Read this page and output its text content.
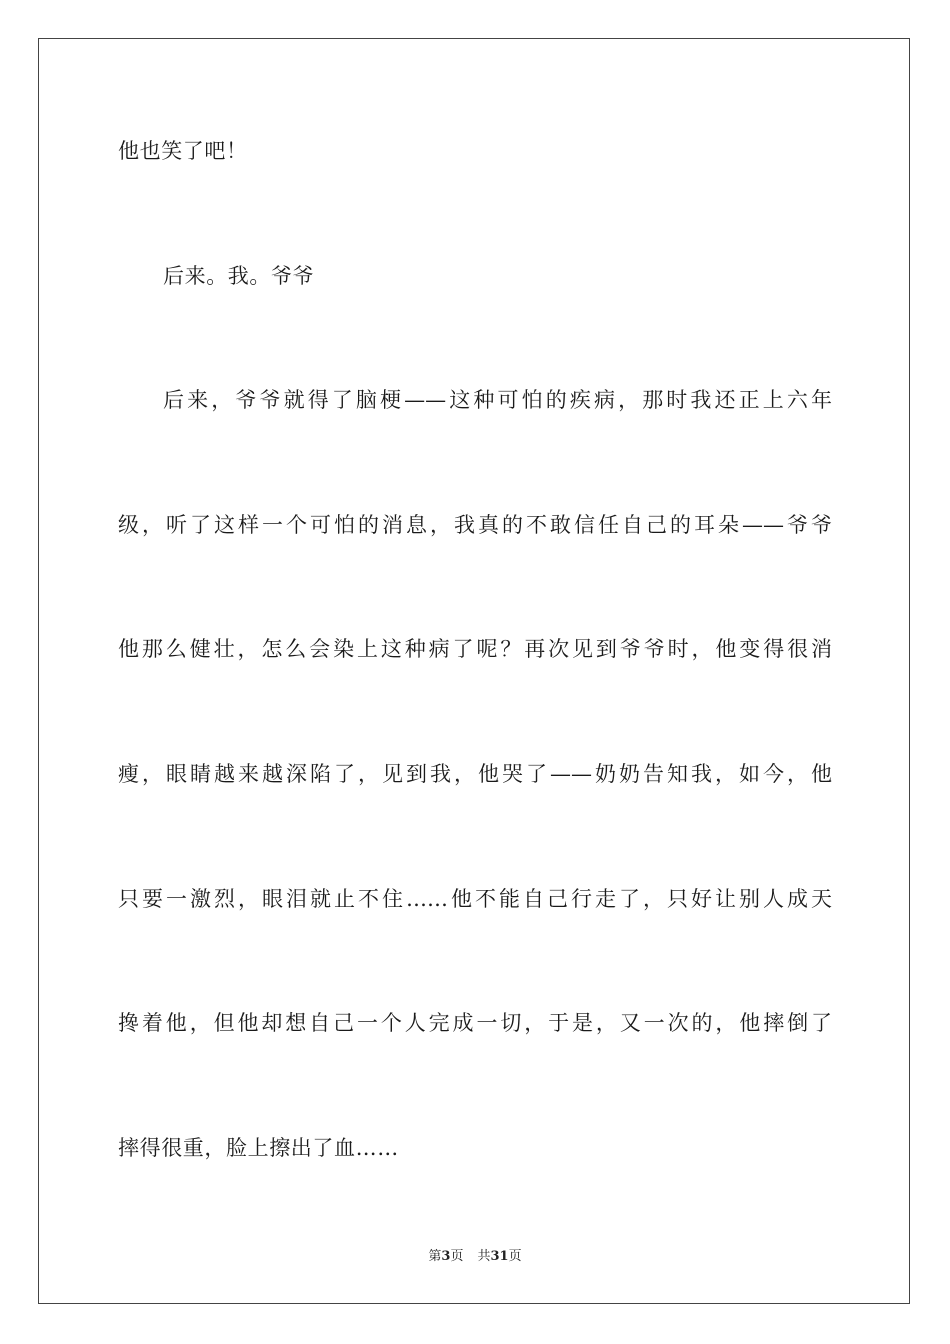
他也笑了吧！
后来。我。爷爷
后来，爷爷就得了脑梗——这种可怕的疾病，那时我还正上六年
级，听了这样一个可怕的消息，我真的不敢信任自己的耳朵——爷爷
他那么健壮，怎么会染上这种病了呢？再次见到爷爷时，他变得很消
瘦，眼睛越来越深陷了，见到我，他哭了——奶奶告知我，如今，他
只要一激烈，眼泪就止不住……他不能自己行走了，只好让别人成天
搀着他，但他却想自己一个人完成一切，于是，又一次的，他摔倒了
摔得很重，脸上擦出了血……
第3页 共31页
